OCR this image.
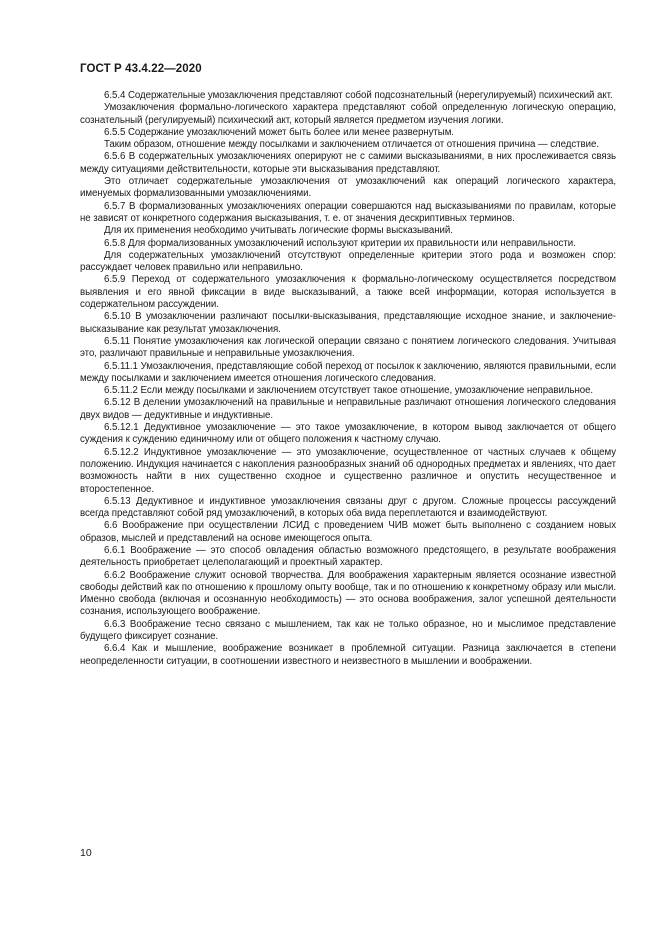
ГОСТ Р 43.4.22—2020

6.5.4 Содержательные умозаключения представляют собой подсознательный (нерегулируемый) психический акт.

Умозаключения формально-логического характера представляют собой определенную логическую операцию, сознательный (регулируемый) психический акт, который является предметом изучения логики.

6.5.5 Содержание умозаключений может быть более или менее развернутым.

Таким образом, отношение между посылками и заключением отличается от отношения причина — следствие.

6.5.6 В содержательных умозаключениях оперируют не с самими высказываниями, в них прослеживается связь между ситуациями действительности, которые эти высказывания представляют.

Это отличает содержательные умозаключения от умозаключений как операций логического характера, именуемых формализованными умозаключениями.

6.5.7 В формализованных умозаключениях операции совершаются над высказываниями по правилам, которые не зависят от конкретного содержания высказывания, т. е. от значения дескриптивных терминов.

Для их применения необходимо учитывать логические формы высказываний.

6.5.8 Для формализованных умозаключений используют критерии их правильности или неправильности.

Для содержательных умозаключений отсутствуют определенные критерии этого рода и возможен спор: рассуждает человек правильно или неправильно.

6.5.9 Переход от содержательного умозаключения к формально-логическому осуществляется посредством выявления и его явной фиксации в виде высказываний, а также всей информации, которая используется в содержательном рассуждении.

6.5.10 В умозаключении различают посылки-высказывания, представляющие исходное знание, и заключение-высказывание как результат умозаключения.

6.5.11 Понятие умозаключения как логической операции связано с понятием логического следования. Учитывая это, различают правильные и неправильные умозаключения.

6.5.11.1 Умозаключения, представляющие собой переход от посылок к заключению, являются правильными, если между посылками и заключением имеется отношения логического следования.

6.5.11.2 Если между посылками и заключением отсутствует такое отношение, умозаключение неправильное.

6.5.12 В делении умозаключений на правильные и неправильные различают отношения логического следования двух видов — дедуктивные и индуктивные.

6.5.12.1 Дедуктивное умозаключение — это такое умозаключение, в котором вывод заключается от общего суждения к суждению единичному или от общего положения к частному случаю.

6.5.12.2 Индуктивное умозаключение — это умозаключение, осуществленное от частных случаев к общему положению. Индукция начинается с накопления разнообразных знаний об однородных предметах и явлениях, что дает возможность найти в них существенно сходное и существенно различное и опустить несущественное и второстепенное.

6.5.13 Дедуктивное и индуктивное умозаключения связаны друг с другом. Сложные процессы рассуждений всегда представляют собой ряд умозаключений, в которых оба вида переплетаются и взаимодействуют.

6.6 Воображение при осуществлении ЛСИД с проведением ЧИВ может быть выполнено с созданием новых образов, мыслей и представлений на основе имеющегося опыта.

6.6.1 Воображение — это способ овладения областью возможного предстоящего, в результате воображения деятельность приобретает целеполагающий и проектный характер.

6.6.2 Воображение служит основой творчества. Для воображения характерным является осознание известной свободы действий как по отношению к прошлому опыту вообще, так и по отношению к конкретному образу или мысли. Именно свобода (включая и осознанную необходимость) — это основа воображения, залог успешной деятельности сознания, использующего воображение.

6.6.3 Воображение тесно связано с мышлением, так как не только образное, но и мыслимое представление будущего фиксирует сознание.

6.6.4 Как и мышление, воображение возникает в проблемной ситуации. Разница заключается в степени неопределенности ситуации, в соотношении известного и неизвестного в мышлении и воображении.

10
